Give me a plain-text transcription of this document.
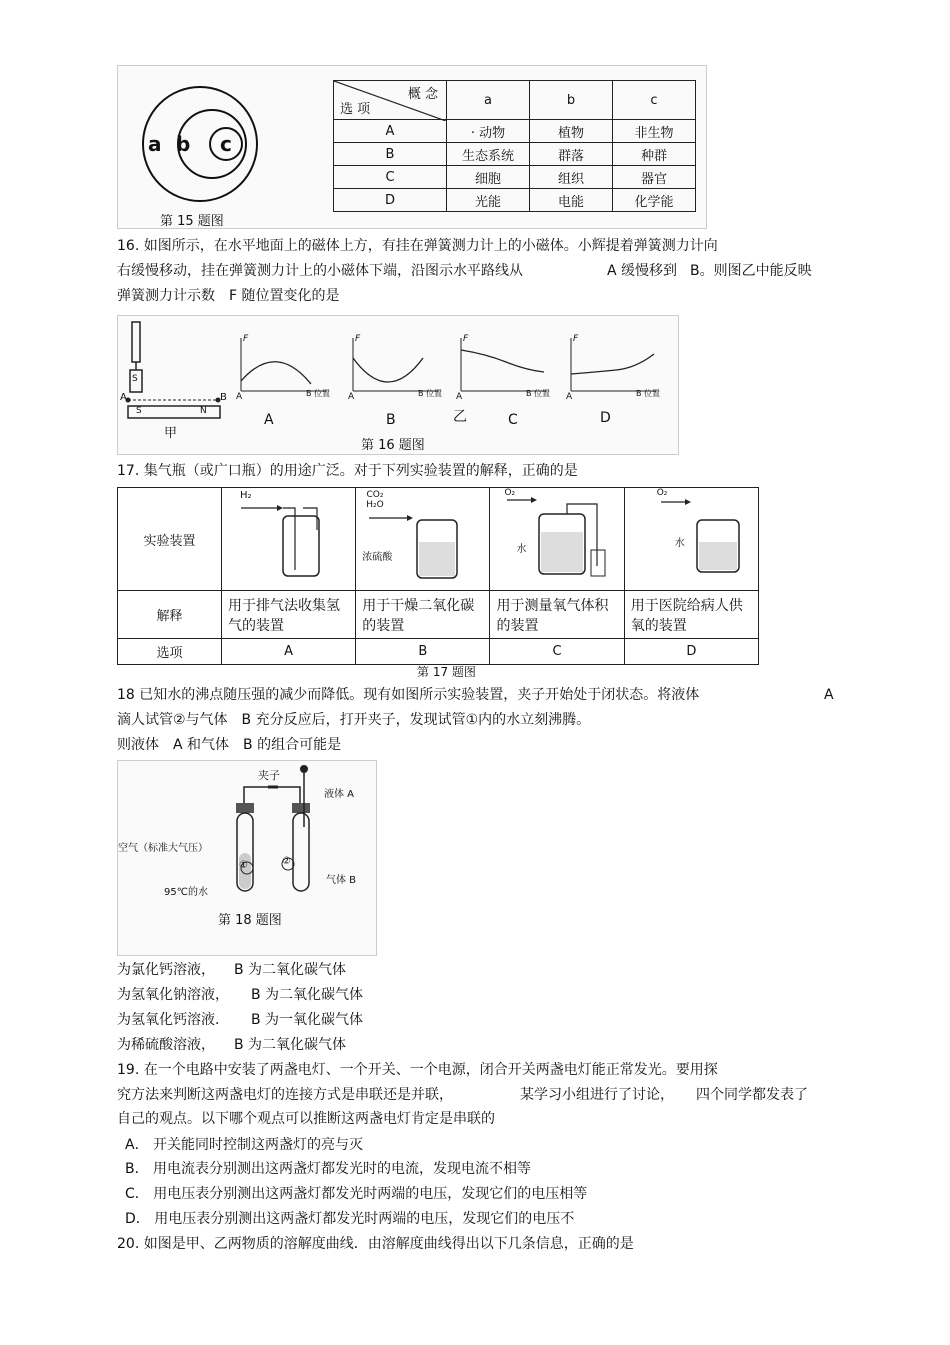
a b c
第 15 题图
概 念
选 项	a	b	c
A	· 动物	植物	非生物
B	生态系统	群落	种群
C	细胞	组织	器官
D	光能	电能	化学能
16. 如图所示，在水平地面上的磁体上方，有挂在弹簧测力计上的小磁体。小辉提着弹簧测力计向
右缓慢移动，挂在弹簧测力计上的小磁体下端，沿图示水平路线从	A 缓慢移到 B。则图乙中能反映
弹簧测力计示数　F 随位置变化的是
S
A	B
S	N
甲
F	F	F	F
A	A	A	A
B 位置	B 位置	B 位置	B 位置
A	B	乙	C	D
第 16 题图
17. 集气瓶（或广口瓶）的用途广泛。对于下列实验装置的解释，正确的是
实验装置	H₂	CO₂
H₂O
浓硫酸	O₂
水	O₂
水

解释	用于排气法收集氢气的装置	用于干燥二氧化碳的装置	用于测量氧气体积的装置	用于医院给病人供氧的装置
选项	A	B	C	D
第 17 题图
18 已知水的沸点随压强的减少而降低。现有如图所示实验装置，夹子开始处于闭状态。将液体	A
滴人试管②与气体　B 充分反应后，打开夹子，发现试管①内的水立刻沸腾。
则液体　A 和气体　B 的组合可能是
夹子
液体 A
空气（标准大气压）
①	②
95℃的水
气体 B
第 18 题图
为氯化钙溶液， B 为二氧化碳气体
为氢氧化钠溶液， B 为二氧化碳气体
为氢氧化钙溶液. B 为一氧化碳气体
为稀硫酸溶液， B 为二氧化碳气体
19. 在一个电路中安装了两盏电灯、一个开关、一个电源，闭合开关两盏电灯能正常发光。要用探
究方法来判断这两盏电灯的连接方式是串联还是并联，	某学习小组进行了讨论， 四个同学都发表了
自己的观点。以下哪个观点可以推断这两盏电灯肯定是串联的
A． 开关能同时控制这两盏灯的亮与灭
B． 用电流表分别测出这两盏灯都发光时的电流，发现电流不相等
C． 用电压表分别测出这两盏灯都发光时两端的电压，发现它们的电压相等
D． 用电压表分别测出这两盏灯都发光时两端的电压，发现它们的电压不
20. 如图是甲、乙两物质的溶解度曲线．由溶解度曲线得出以下几条信息，正确的是
